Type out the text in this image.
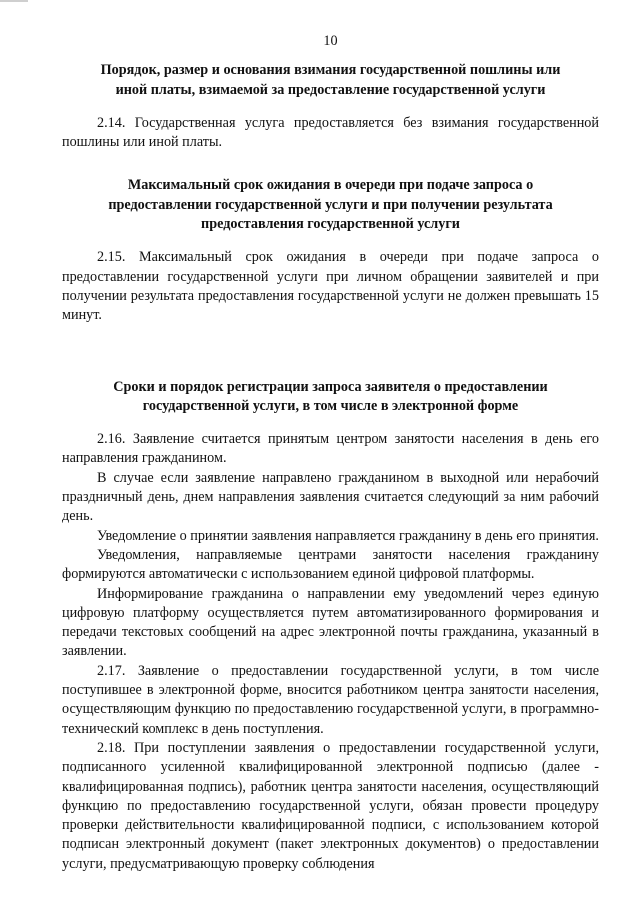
10
Порядок, размер и основания взимания государственной пошлины или иной платы, взимаемой за предоставление государственной услуги

2.14. Государственная услуга предоставляется без взимания государственной пошлины или иной платы.

Максимальный срок ожидания в очереди при подаче запроса о предоставлении государственной услуги и при получении результата предоставления государственной услуги

2.15. Максимальный срок ожидания в очереди при подаче запроса о предоставлении государственной услуги при личном обращении заявителей и при получении результата предоставления государственной услуги не должен превышать 15 минут.

Сроки и порядок регистрации запроса заявителя о предоставлении государственной услуги, в том числе в электронной форме

2.16. Заявление считается принятым центром занятости населения в день его направления гражданином.

В случае если заявление направлено гражданином в выходной или нерабочий праздничный день, днем направления заявления считается следующий за ним рабочий день.

Уведомление о принятии заявления направляется гражданину в день его принятия.

Уведомления, направляемые центрами занятости населения гражданину формируются автоматически с использованием единой цифровой платформы.

Информирование гражданина о направлении ему уведомлений через единую цифровую платформу осуществляется путем автоматизированного формирования и передачи текстовых сообщений на адрес электронной почты гражданина, указанный в заявлении.

2.17. Заявление о предоставлении государственной услуги, в том числе поступившее в электронной форме, вносится работником центра занятости населения, осуществляющим функцию по предоставлению государственной услуги, в программно-технический комплекс в день поступления.

2.18. При поступлении заявления о предоставлении государственной услуги, подписанного усиленной квалифицированной электронной подписью (далее - квалифицированная подпись), работник центра занятости населения, осуществляющий функцию по предоставлению государственной услуги, обязан провести процедуру проверки действительности квалифицированной подписи, с использованием которой подписан электронный документ (пакет электронных документов) о предоставлении услуги, предусматривающую проверку соблюдения
